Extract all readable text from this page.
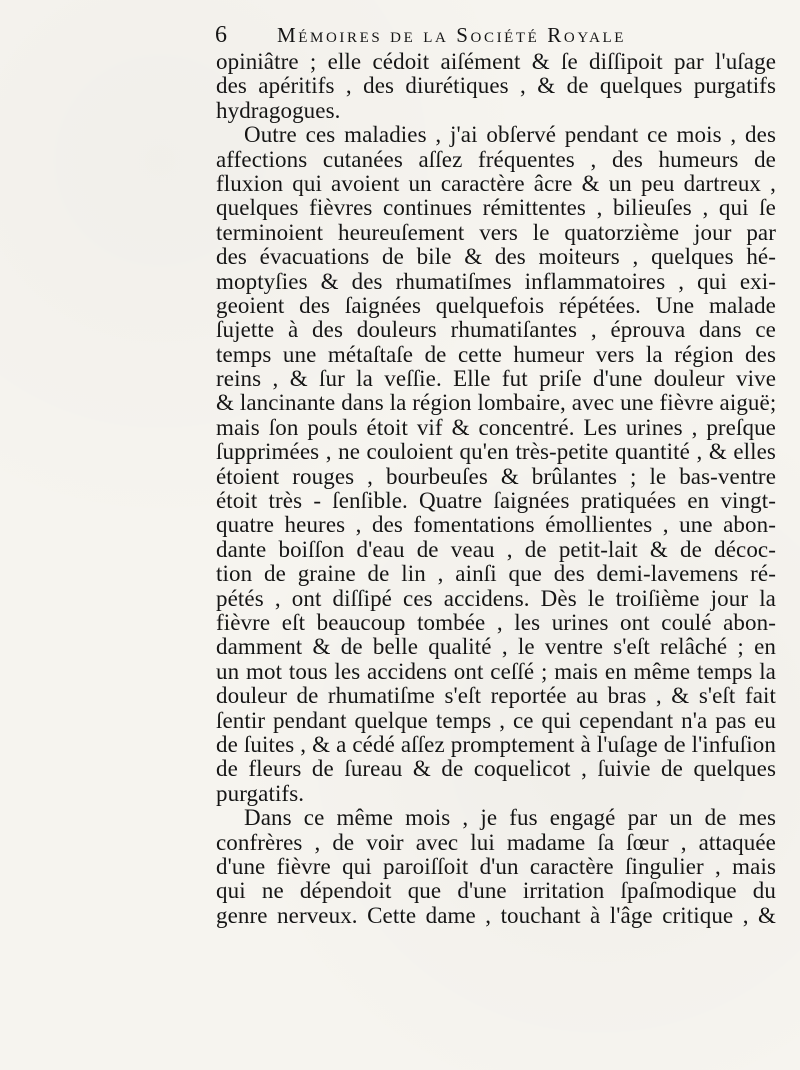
6 Mémoires de la Société Royale
opiniâtre ; elle cédoit aiſément & ſe diſſipoit par l'uſage
des apéritifs , des diurétiques , & de quelques purgatifs
hydragogues.
Outre ces maladies , j'ai obſervé pendant ce mois , des
affections cutanées aſſez fréquentes , des humeurs de
fluxion qui avoient un caractère âcre & un peu dartreux ,
quelques fièvres continues rémittentes , bilieuſes , qui ſe
terminoient heureuſement vers le quatorzième jour par
des évacuations de bile & des moiteurs , quelques hé-
moptyſies & des rhumatiſmes inflammatoires , qui exi-
geoient des ſaignées quelquefois répétées. Une malade
ſujette à des douleurs rhumatiſantes , éprouva dans ce
temps une métaſtaſe de cette humeur vers la région des
reins , & ſur la veſſie. Elle fut priſe d'une douleur vive
& lancinante dans la région lombaire, avec une fièvre aiguë;
mais ſon pouls étoit vif & concentré. Les urines , preſque
ſupprimées , ne couloient qu'en très-petite quantité , & elles
étoient rouges , bourbeuſes & brûlantes ; le bas-ventre
étoit très - ſenſible. Quatre ſaignées pratiquées en vingt-
quatre heures , des fomentations émollientes , une abon-
dante boiſſon d'eau de veau , de petit-lait & de décoc-
tion de graine de lin , ainſi que des demi-lavemens ré-
pétés , ont diſſipé ces accidens. Dès le troiſième jour la
fièvre eſt beaucoup tombée , les urines ont coulé abon-
damment & de belle qualité , le ventre s'eſt relâché ; en
un mot tous les accidens ont ceſſé ; mais en même temps la
douleur de rhumatiſme s'eſt reportée au bras , & s'eſt fait
ſentir pendant quelque temps , ce qui cependant n'a pas eu
de ſuites , & a cédé aſſez promptement à l'uſage de l'infuſion
de fleurs de ſureau & de coquelicot , ſuivie de quelques
purgatifs.
Dans ce même mois , je fus engagé par un de mes
confrères , de voir avec lui madame ſa ſœur , attaquée
d'une fièvre qui paroiſſoit d'un caractère ſingulier , mais
qui ne dépendoit que d'une irritation ſpaſmodique du
genre nerveux. Cette dame , touchant à l'âge critique , &
